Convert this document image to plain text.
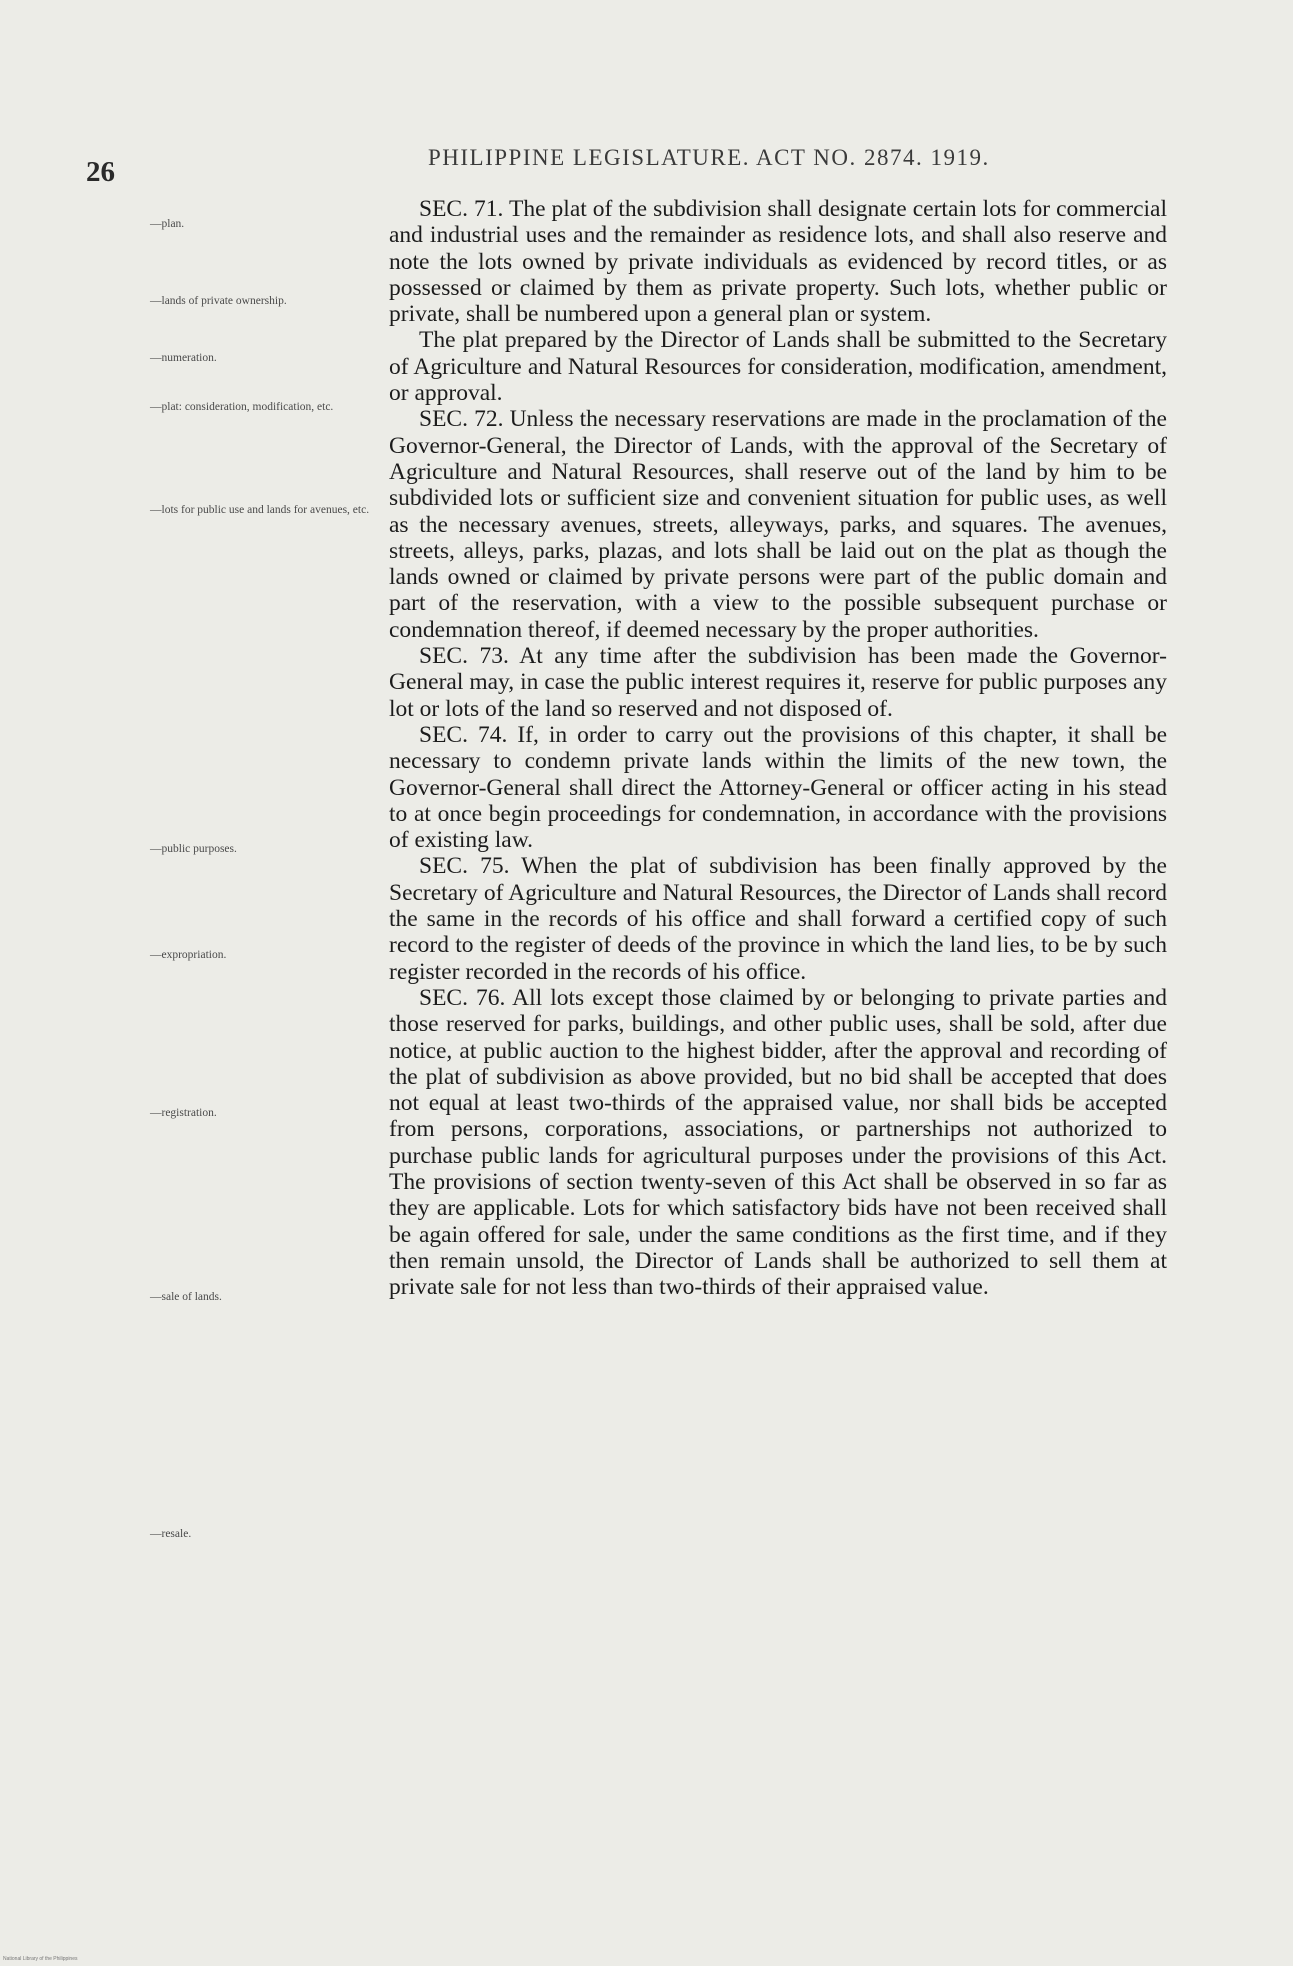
26	PHILIPPINE LEGISLATURE. ACT NO. 2874. 1919.
—plan.
—lands of private ownership.
—numeration.
—plat: consideration, modification, etc.
—lots for public use and lands for avenues, etc.
—public purposes.
—expropriation.
—registration.
—sale of lands.
—resale.

SEC. 71. The plat of the subdivision shall designate certain lots for commercial and industrial uses and the remainder as residence lots, and shall also reserve and note the lots owned by private individuals as evidenced by record titles, or as possessed or claimed by them as private property. Such lots, whether public or private, shall be numbered upon a general plan or system.

The plat prepared by the Director of Lands shall be submitted to the Secretary of Agriculture and Natural Resources for consideration, modification, amendment, or approval.

SEC. 72. Unless the necessary reservations are made in the proclamation of the Governor-General, the Director of Lands, with the approval of the Secretary of Agriculture and Natural Resources, shall reserve out of the land by him to be subdivided lots or sufficient size and convenient situation for public uses, as well as the necessary avenues, streets, alleyways, parks, and squares. The avenues, streets, alleys, parks, plazas, and lots shall be laid out on the plat as though the lands owned or claimed by private persons were part of the public domain and part of the reservation, with a view to the possible subsequent purchase or condemnation thereof, if deemed necessary by the proper authorities.

SEC. 73. At any time after the subdivision has been made the Governor-General may, in case the public interest requires it, reserve for public purposes any lot or lots of the land so reserved and not disposed of.

SEC. 74. If, in order to carry out the provisions of this chapter, it shall be necessary to condemn private lands within the limits of the new town, the Governor-General shall direct the Attorney-General or officer acting in his stead to at once begin proceedings for condemnation, in accordance with the provisions of existing law.

SEC. 75. When the plat of subdivision has been finally approved by the Secretary of Agriculture and Natural Resources, the Director of Lands shall record the same in the records of his office and shall forward a certified copy of such record to the register of deeds of the province in which the land lies, to be by such register recorded in the records of his office.

SEC. 76. All lots except those claimed by or belonging to private parties and those reserved for parks, buildings, and other public uses, shall be sold, after due notice, at public auction to the highest bidder, after the approval and recording of the plat of subdivision as above provided, but no bid shall be accepted that does not equal at least two-thirds of the appraised value, nor shall bids be accepted from persons, corporations, associations, or partnerships not authorized to purchase public lands for agricultural purposes under the provisions of this Act. The provisions of section twenty-seven of this Act shall be observed in so far as they are applicable. Lots for which satisfactory bids have not been received shall be again offered for sale, under the same conditions as the first time, and if they then remain unsold, the Director of Lands shall be authorized to sell them at private sale for not less than two-thirds of their appraised value.

National Library of the Philippines
